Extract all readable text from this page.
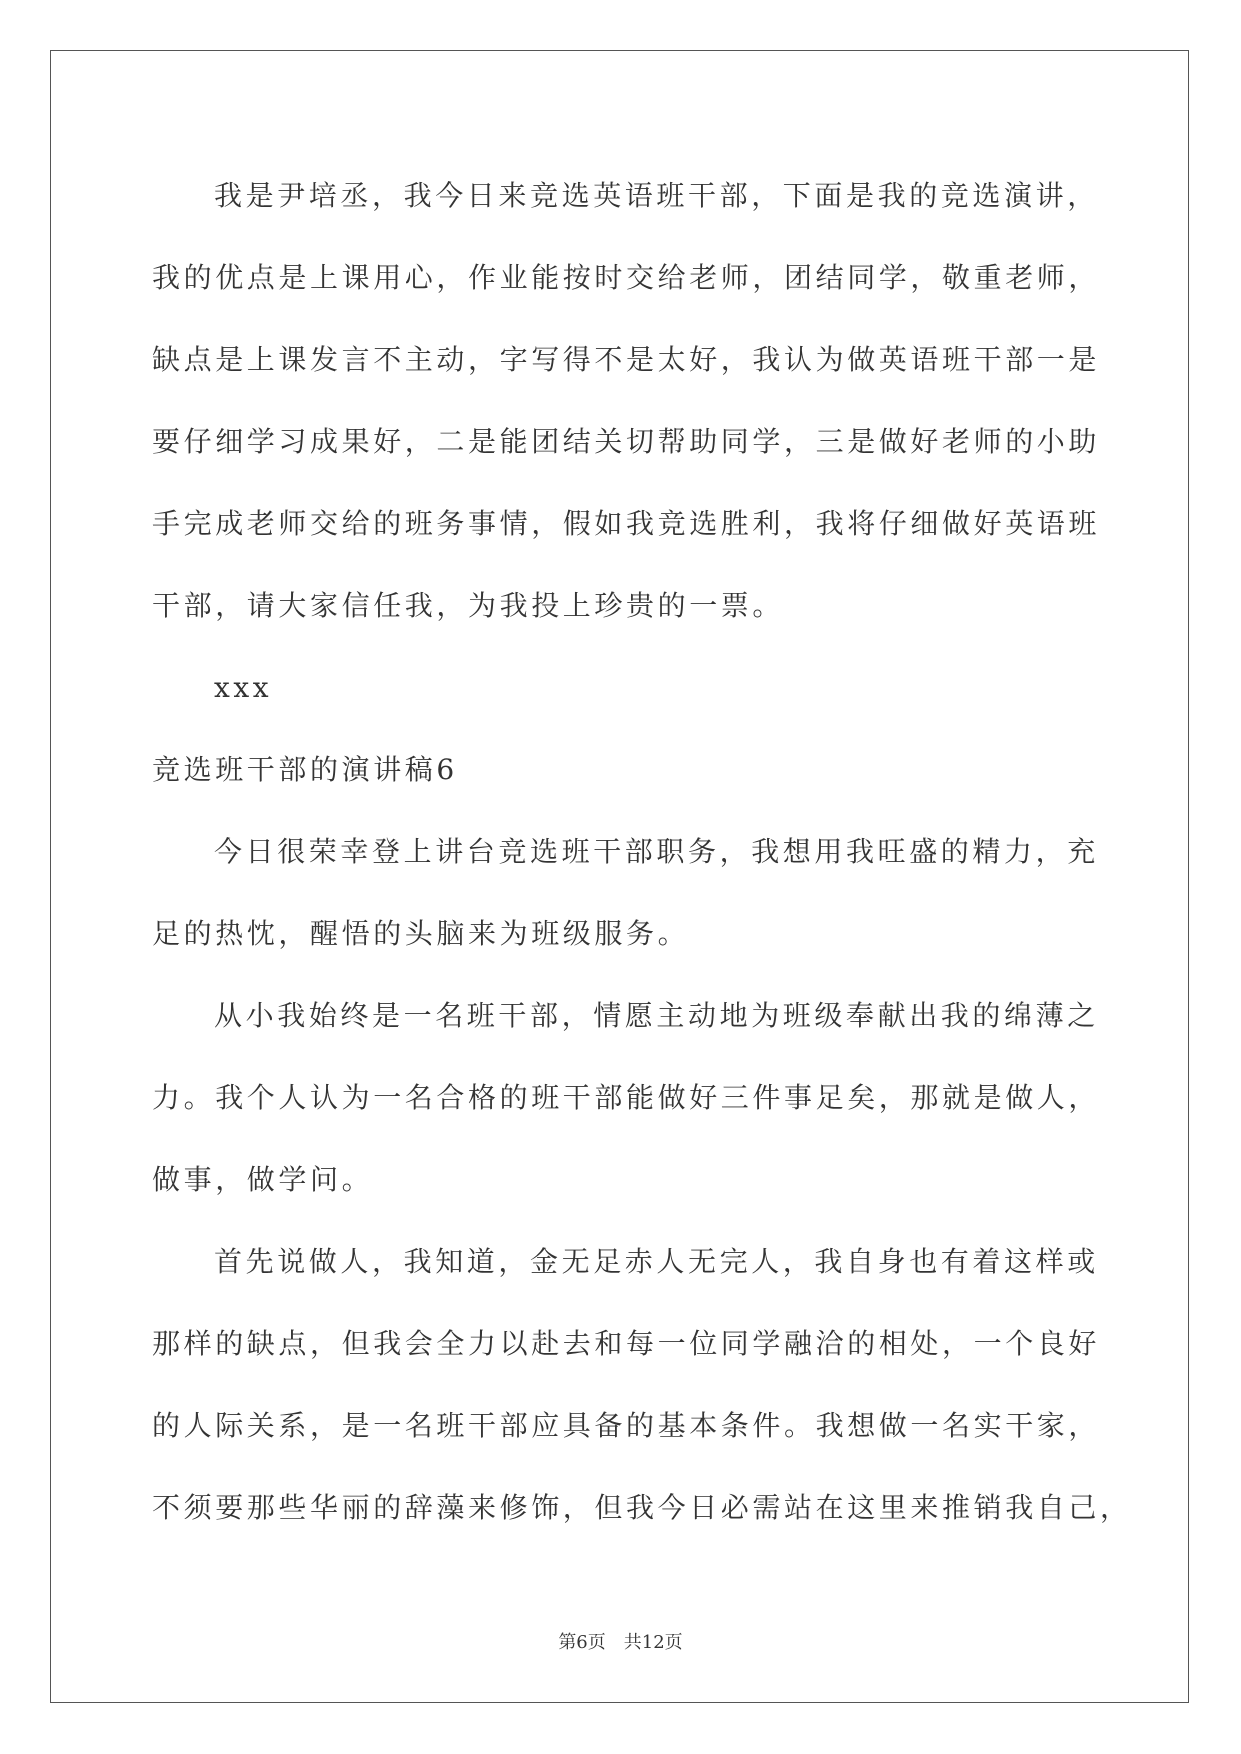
我是尹培丞，我今日来竞选英语班干部，下面是我的竞选演讲，
我的优点是上课用心，作业能按时交给老师，团结同学，敬重老师，
缺点是上课发言不主动，字写得不是太好，我认为做英语班干部一是
要仔细学习成果好，二是能团结关切帮助同学，三是做好老师的小助
手完成老师交给的班务事情，假如我竞选胜利，我将仔细做好英语班
干部，请大家信任我，为我投上珍贵的一票。
xxx
竞选班干部的演讲稿6
今日很荣幸登上讲台竞选班干部职务，我想用我旺盛的精力，充
足的热忱，醒悟的头脑来为班级服务。
从小我始终是一名班干部，情愿主动地为班级奉献出我的绵薄之
力。我个人认为一名合格的班干部能做好三件事足矣，那就是做人，
做事，做学问。
首先说做人，我知道，金无足赤人无完人，我自身也有着这样或
那样的缺点，但我会全力以赴去和每一位同学融洽的相处，一个良好
的人际关系，是一名班干部应具备的基本条件。我想做一名实干家，
不须要那些华丽的辞藻来修饰，但我今日必需站在这里来推销我自己，
第6页　共12页
